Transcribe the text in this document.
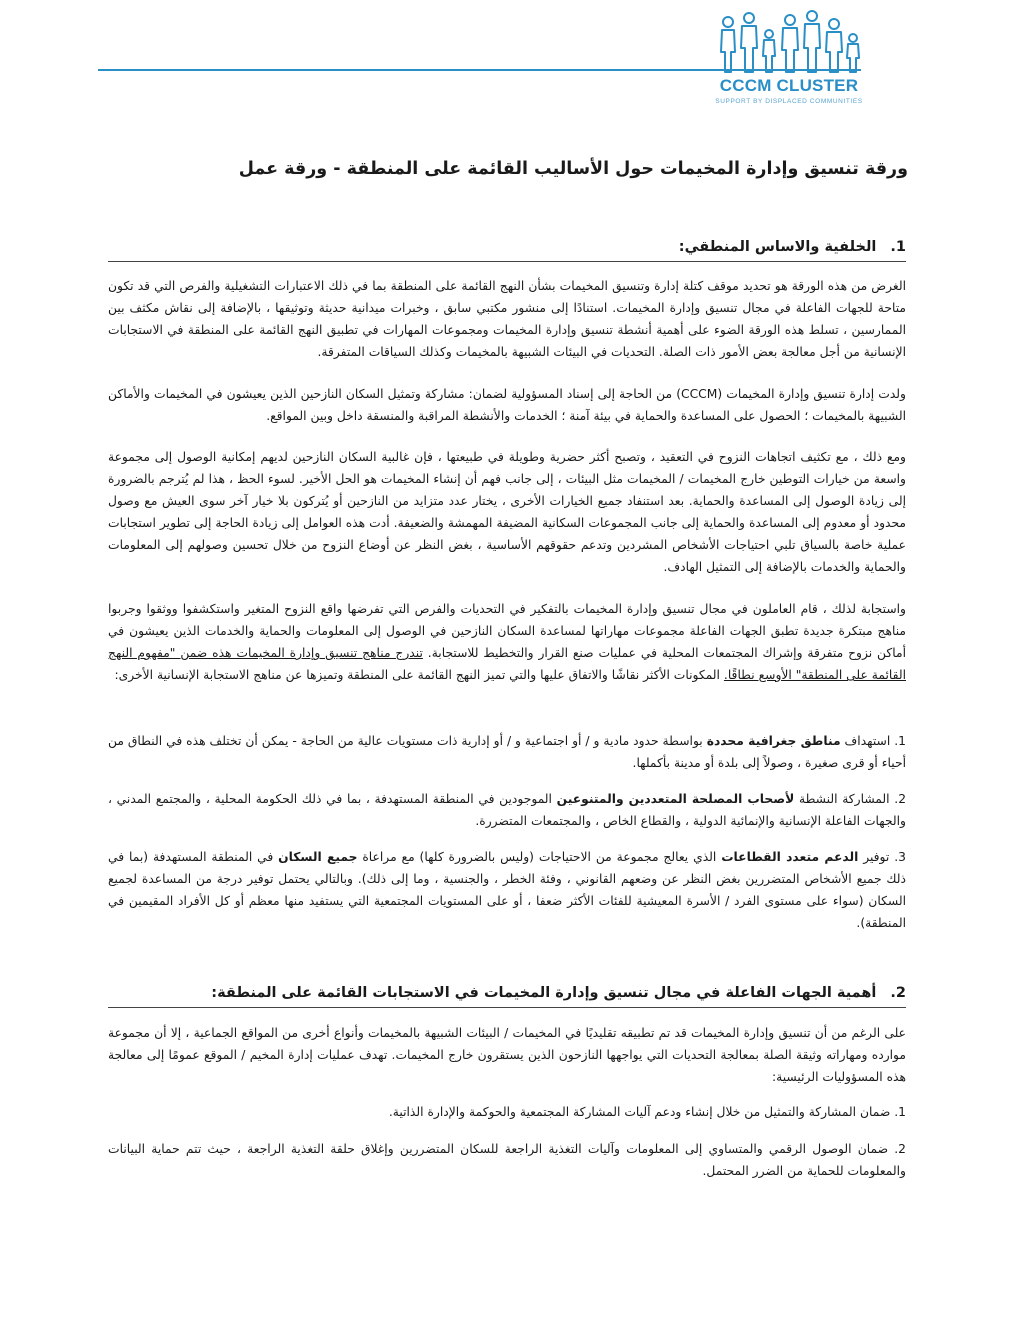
CCCM CLUSTER
SUPPORT BY DISPLACED COMMUNITIES
ورقة تنسيق وإدارة المخيمات حول الأساليب القائمة على المنطقة - ورقة عمل
1.الخلفية والاساس المنطقي:
الغرض من هذه الورقة هو تحديد موقف كتلة إدارة وتنسيق المخيمات بشأن النهج القائمة على المنطقة بما في ذلك الاعتبارات التشغيلية والفرص التي قد تكون متاحة للجهات الفاعلة في مجال تنسيق وإدارة المخيمات. استنادًا إلى منشور مكتبي سابق ، وخبرات ميدانية حديثة وتوثيقها ، بالإضافة إلى نقاش مكثف بين الممارسين ، تسلط هذه الورقة الضوء على أهمية أنشطة تنسيق وإدارة المخيمات ومجموعات المهارات في تطبيق النهج القائمة على المنطقة في الاستجابات الإنسانية من أجل معالجة بعض الأمور ذات الصلة. التحديات في البيئات الشبيهة بالمخيمات وكذلك السياقات المتفرقة.
ولدت إدارة تنسيق وإدارة المخيمات (CCCM) من الحاجة إلى إسناد المسؤولية لضمان: مشاركة وتمثيل السكان النازحين الذين يعيشون في المخيمات والأماكن الشبيهة بالمخيمات ؛ الحصول على المساعدة والحماية في بيئة آمنة ؛ الخدمات والأنشطة المراقبة والمنسقة داخل وبين المواقع.
ومع ذلك ، مع تكثيف اتجاهات النزوح في التعقيد ، وتصبح أكثر حضرية وطويلة في طبيعتها ، فإن غالبية السكان النازحين لديهم إمكانية الوصول إلى مجموعة واسعة من خيارات التوطين خارج المخيمات / المخيمات مثل البيئات ، إلى جانب فهم أن إنشاء المخيمات هو الحل الأخير. لسوء الحظ ، هذا لم يُترجم بالضرورة إلى زيادة الوصول إلى المساعدة والحماية. بعد استنفاد جميع الخيارات الأخرى ، يختار عدد متزايد من النازحين أو يُتركون بلا خيار آخر سوى العيش مع وصول محدود أو معدوم إلى المساعدة والحماية إلى جانب المجموعات السكانية المضيفة المهمشة والضعيفة. أدت هذه العوامل إلى زيادة الحاجة إلى تطوير استجابات عملية خاصة بالسياق تلبي احتياجات الأشخاص المشردين وتدعم حقوقهم الأساسية ، بغض النظر عن أوضاع النزوح من خلال تحسين وصولهم إلى المعلومات والحماية والخدمات بالإضافة إلى التمثيل الهادف.
واستجابة لذلك ، قام العاملون في مجال تنسيق وإدارة المخيمات بالتفكير في التحديات والفرص التي تفرضها واقع النزوح المتغير واستكشفوا ووثقوا وجربوا مناهج مبتكرة جديدة تطبق الجهات الفاعلة مجموعات مهاراتها لمساعدة السكان النازحين في الوصول إلى المعلومات والحماية والخدمات الذين يعيشون في أماكن نزوح متفرقة وإشراك المجتمعات المحلية في عمليات صنع القرار والتخطيط للاستجابة. تندرج مناهج تنسيق وإدارة المخيمات هذه ضمن "مفهوم النهج القائمة على المنطقة" الأوسع نطاقًا. المكونات الأكثر نقاشًا والاتفاق عليها والتي تميز النهج القائمة على المنطقة وتميزها عن مناهج الاستجابة الإنسانية الأخرى:
1. استهداف مناطق جغرافية محددة بواسطة حدود مادية و / أو اجتماعية و / أو إدارية ذات مستويات عالية من الحاجة - يمكن أن تختلف هذه في النطاق من أحياء أو قرى صغيرة ، وصولاً إلى بلدة أو مدينة بأكملها.
2. المشاركة النشطة لأصحاب المصلحة المتعددين والمتنوعين الموجودين في المنطقة المستهدفة ، بما في ذلك الحكومة المحلية ، والمجتمع المدني ، والجهات الفاعلة الإنسانية والإنمائية الدولية ، والقطاع الخاص ، والمجتمعات المتضررة.
3. توفير الدعم متعدد القطاعات الذي يعالج مجموعة من الاحتياجات (وليس بالضرورة كلها) مع مراعاة جميع السكان في المنطقة المستهدفة (بما في ذلك جميع الأشخاص المتضررين بغض النظر عن وضعهم القانوني ، وفئة الخطر ، والجنسية ، وما إلى ذلك). وبالتالي يحتمل توفير درجة من المساعدة لجميع السكان (سواء على مستوى الفرد / الأسرة المعيشية للفئات الأكثر ضعفا ، أو على المستويات المجتمعية التي يستفيد منها معظم أو كل الأفراد المقيمين في المنطقة).
2.أهمية الجهات الفاعلة في مجال تنسيق وإدارة المخيمات في الاستجابات القائمة على المنطقة:
على الرغم من أن تنسيق وإدارة المخيمات قد تم تطبيقه تقليديًا في المخيمات / البيئات الشبيهة بالمخيمات وأنواع أخرى من المواقع الجماعية ، إلا أن مجموعة موارده ومهاراته وثيقة الصلة بمعالجة التحديات التي يواجهها النازحون الذين يستقرون خارج المخيمات. تهدف عمليات إدارة المخيم / الموقع عمومًا إلى معالجة هذه المسؤوليات الرئيسية:
1. ضمان المشاركة والتمثيل من خلال إنشاء ودعم آليات المشاركة المجتمعية والحوكمة والإدارة الذاتية.
2. ضمان الوصول الرقمي والمتساوي إلى المعلومات وآليات التغذية الراجعة للسكان المتضررين وإغلاق حلقة التغذية الراجعة ، حيث تتم حماية البيانات والمعلومات للحماية من الضرر المحتمل.
